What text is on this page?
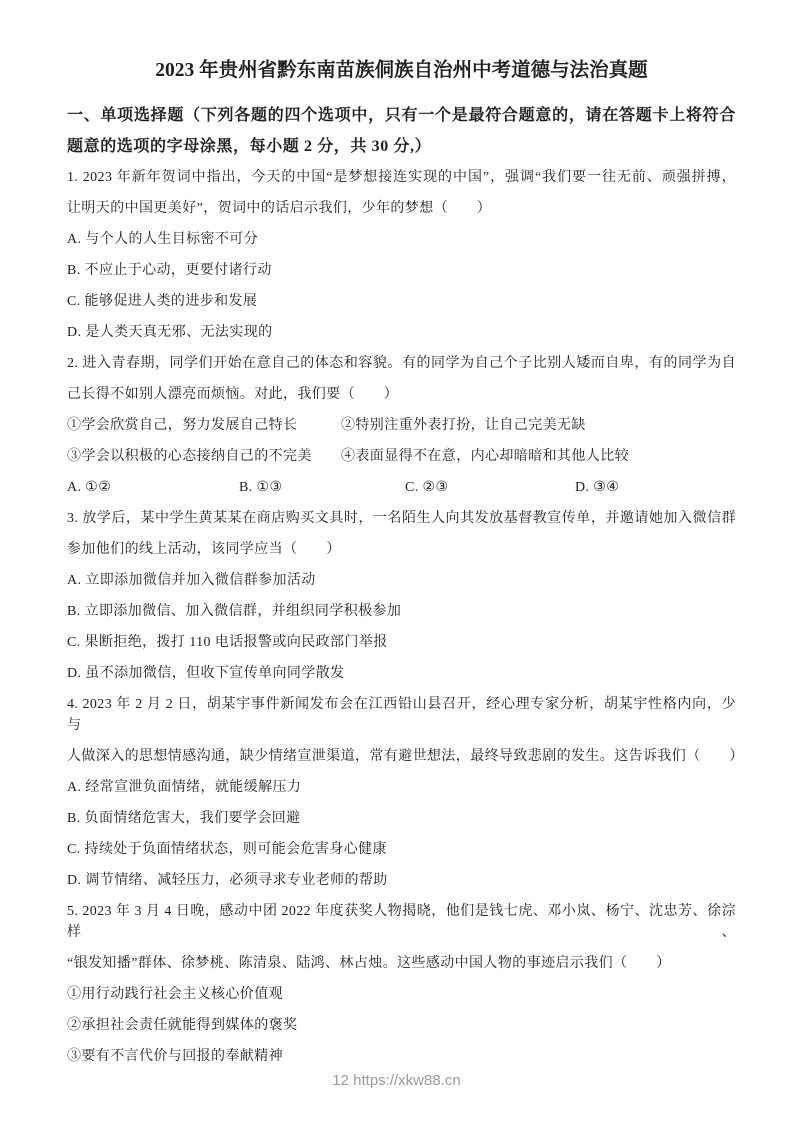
2023 年贵州省黔东南苗族侗族自治州中考道德与法治真题
一、单项选择题（下列各题的四个选项中，只有一个是最符合题意的，请在答题卡上将符合
题意的选项的字母涂黑，每小题 2 分，共 30 分,）
1. 2023 年新年贺词中指出，今天的中国“是梦想接连实现的中国”，强调“我们要一往无前、顽强拼搏，
让明天的中国更美好”，贺词中的话启示我们，少年的梦想（　　）
A. 与个人的人生目标密不可分
B. 不应止于心动，更要付诸行动
C. 能够促进人类的进步和发展
D. 是人类天真无邪、无法实现的
2. 进入青春期，同学们开始在意自己的体态和容貌。有的同学为自己个子比别人矮而自卑，有的同学为自
己长得不如别人漂亮而烦恼。对此，我们要（　　）
①学会欣赏自己，努力发展自己特长	②特别注重外表打扮，让自己完美无缺
③学会以积极的心态接纳自己的不完美	④表面显得不在意，内心却暗暗和其他人比较
A. ①②	B. ①③	C. ②③	D. ③④
3. 放学后，某中学生黄某某在商店购买文具时，一名陌生人向其发放基督教宣传单，并邀请她加入微信群
参加他们的线上活动，该同学应当（　　）
A. 立即添加微信并加入微信群参加活动
B. 立即添加微信、加入微信群，并组织同学积极参加
C. 果断拒绝，拨打 110 电话报警或向民政部门举报
D. 虽不添加微信，但收下宣传单向同学散发
4. 2023 年 2 月 2 日，胡某宇事件新闻发布会在江西铅山县召开，经心理专家分析，胡某宇性格内向，少与
人做深入的思想情感沟通，缺少情绪宣泄渠道，常有避世想法，最终导致悲剧的发生。这告诉我们（　　）
A. 经常宣泄负面情绪，就能缓解压力
B. 负面情绪危害大，我们要学会回避
C. 持续处于负面情绪状态，则可能会危害身心健康
D. 调节情绪、减轻压力，必须寻求专业老师的帮助
5. 2023 年 3 月 4 日晚，感动中团 2022 年度获奖人物揭晓，他们是钱七虎、邓小岚、杨宁、沈忠芳、徐淙样、
“银发知播”群体、徐梦桃、陈清泉、陆鸿、林占烛。这些感动中国人物的事迹启示我们（　　）
①用行动践行社会主义核心价值观
②承担社会责任就能得到媒体的褒奖
③要有不言代价与回报的奉献精神
12 https://xkw88.cn
